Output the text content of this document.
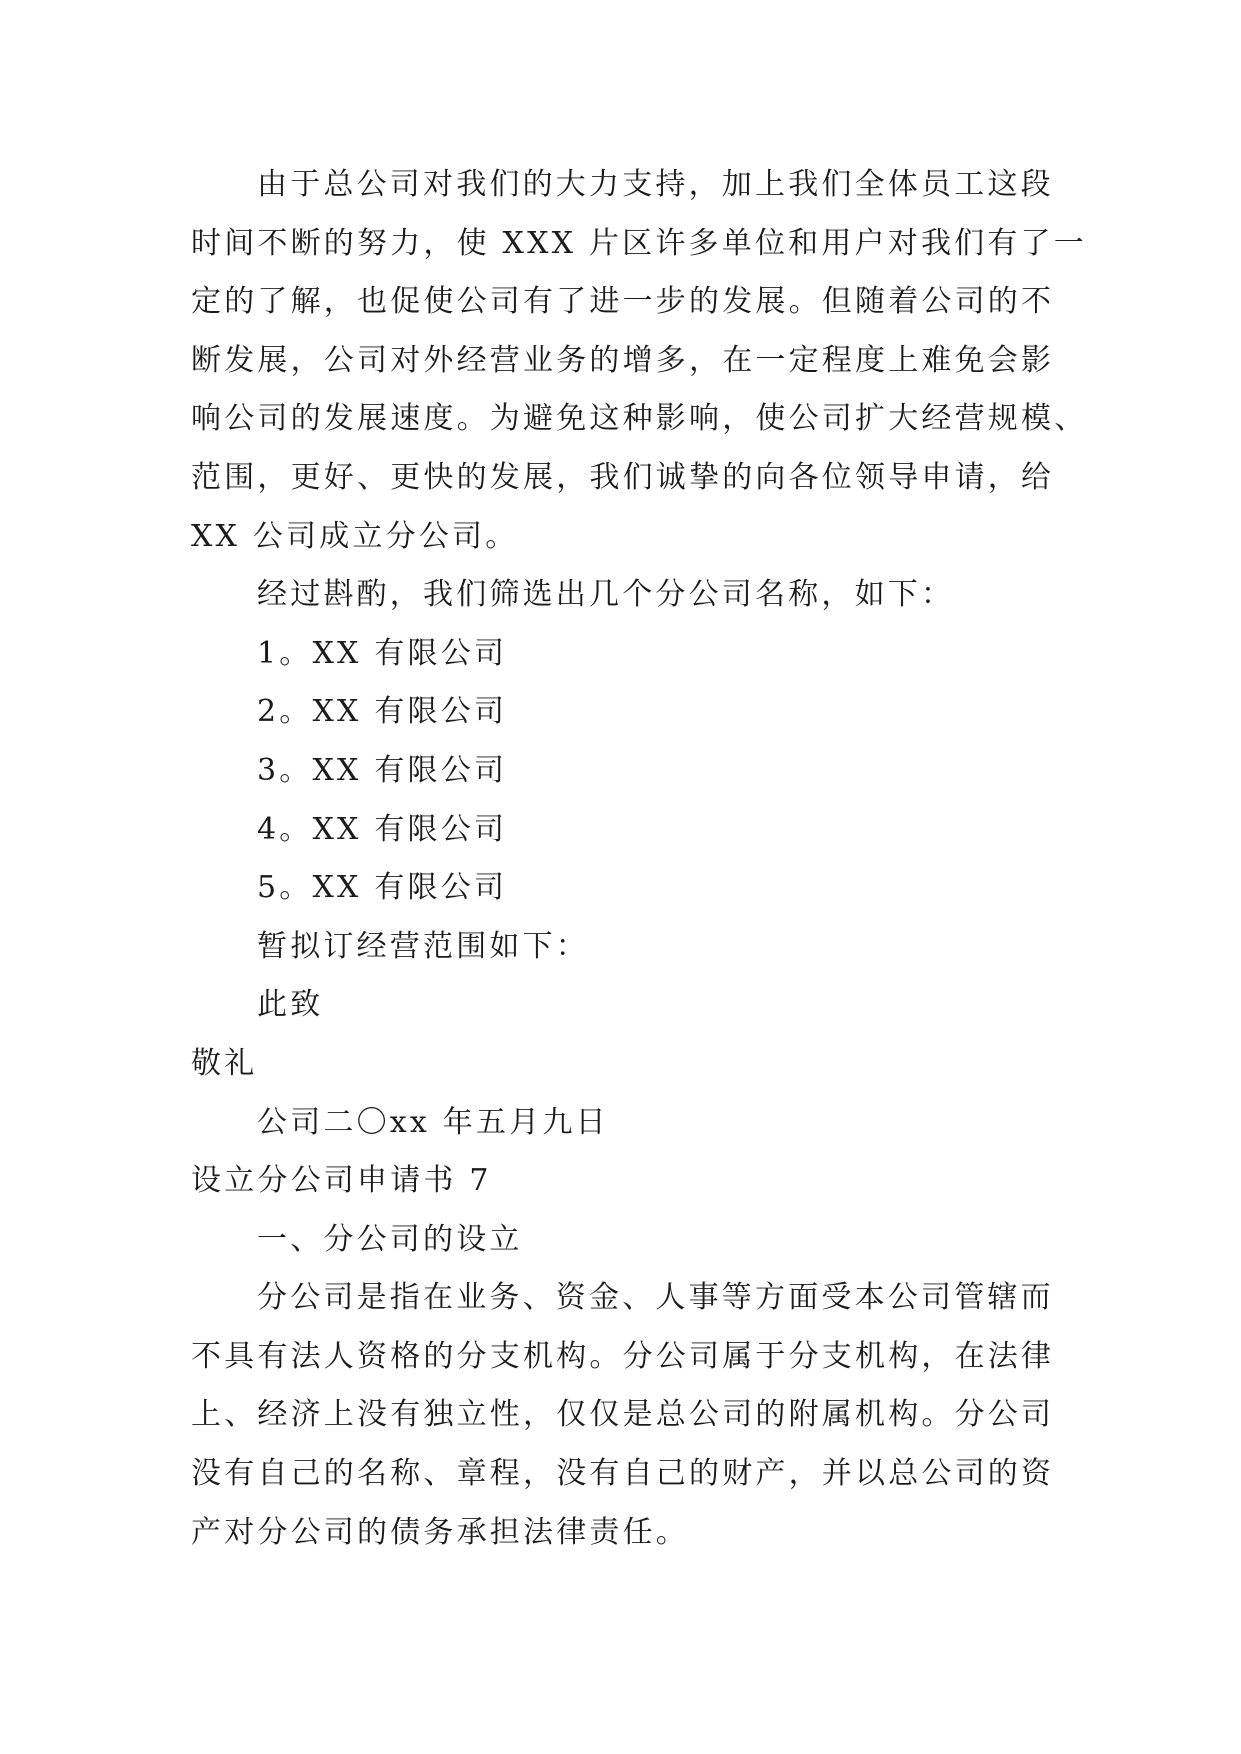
由于总公司对我们的大力支持，加上我们全体员工这段
时间不断的努力，使 XXX 片区许多单位和用户对我们有了一
定的了解，也促使公司有了进一步的发展。但随着公司的不
断发展，公司对外经营业务的增多，在一定程度上难免会影
响公司的发展速度。为避免这种影响，使公司扩大经营规模、
范围，更好、更快的发展，我们诚挚的向各位领导申请，给
XX 公司成立分公司。
经过斟酌，我们筛选出几个分公司名称，如下：
1。XX 有限公司
2。XX 有限公司
3。XX 有限公司
4。XX 有限公司
5。XX 有限公司
暂拟订经营范围如下：
此致
敬礼
公司二〇xx 年五月九日
设立分公司申请书 7
一、分公司的设立
分公司是指在业务、资金、人事等方面受本公司管辖而
不具有法人资格的分支机构。分公司属于分支机构，在法律
上、经济上没有独立性，仅仅是总公司的附属机构。分公司
没有自己的名称、章程，没有自己的财产，并以总公司的资
产对分公司的债务承担法律责任。
